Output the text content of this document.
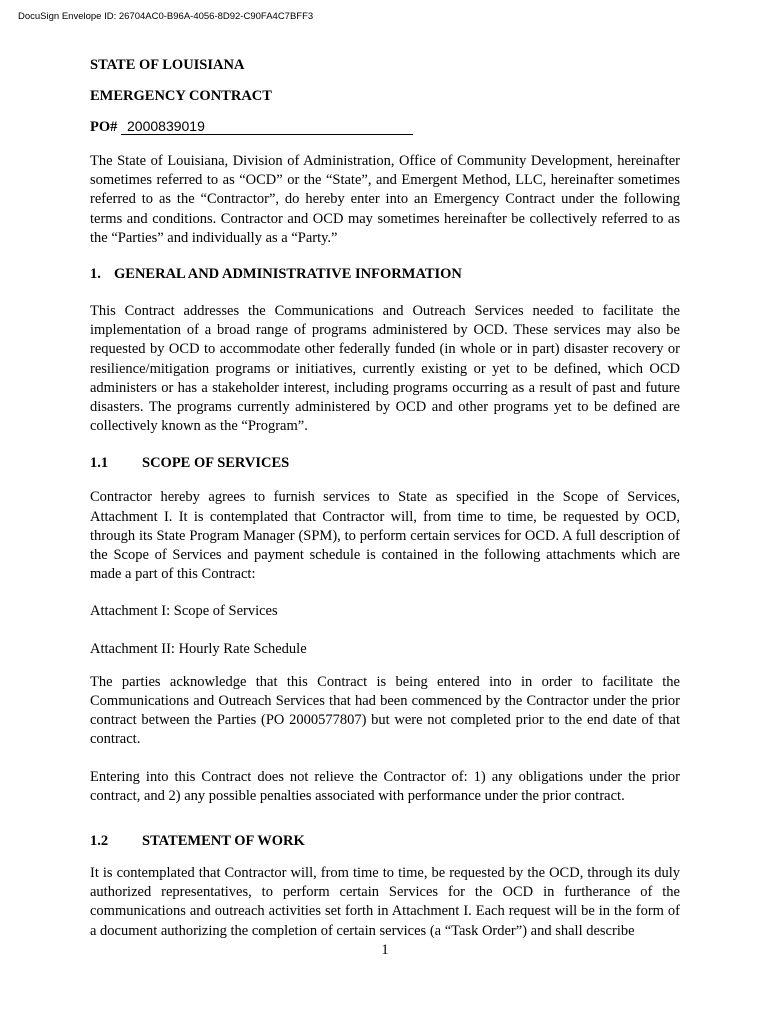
DocuSign Envelope ID: 26704AC0-B96A-4056-8D92-C90FA4C7BFF3
STATE OF LOUISIANA
EMERGENCY CONTRACT
PO# 2000839019

The State of Louisiana, Division of Administration, Office of Community Development, hereinafter sometimes referred to as “OCD” or the “State”, and Emergent Method, LLC, hereinafter sometimes referred to as the “Contractor”, do hereby enter into an Emergency Contract under the following terms and conditions. Contractor and OCD may sometimes hereinafter be collectively referred to as the “Parties” and individually as a “Party.”

1. GENERAL AND ADMINISTRATIVE INFORMATION

This Contract addresses the Communications and Outreach Services needed to facilitate the implementation of a broad range of programs administered by OCD. These services may also be requested by OCD to accommodate other federally funded (in whole or in part) disaster recovery or resilience/mitigation programs or initiatives, currently existing or yet to be defined, which OCD administers or has a stakeholder interest, including programs occurring as a result of past and future disasters. The programs currently administered by OCD and other programs yet to be defined are collectively known as the “Program”.

1.1 SCOPE OF SERVICES

Contractor hereby agrees to furnish services to State as specified in the Scope of Services, Attachment I. It is contemplated that Contractor will, from time to time, be requested by OCD, through its State Program Manager (SPM), to perform certain services for OCD. A full description of the Scope of Services and payment schedule is contained in the following attachments which are made a part of this Contract:

Attachment I: Scope of Services

Attachment II: Hourly Rate Schedule

The parties acknowledge that this Contract is being entered into in order to facilitate the Communications and Outreach Services that had been commenced by the Contractor under the prior contract between the Parties (PO 2000577807) but were not completed prior to the end date of that contract.

Entering into this Contract does not relieve the Contractor of: 1) any obligations under the prior contract, and 2) any possible penalties associated with performance under the prior contract.

1.2 STATEMENT OF WORK

It is contemplated that Contractor will, from time to time, be requested by the OCD, through its duly authorized representatives, to perform certain Services for the OCD in furtherance of the communications and outreach activities set forth in Attachment I. Each request will be in the form of a document authorizing the completion of certain services (a “Task Order”) and shall describe

1
